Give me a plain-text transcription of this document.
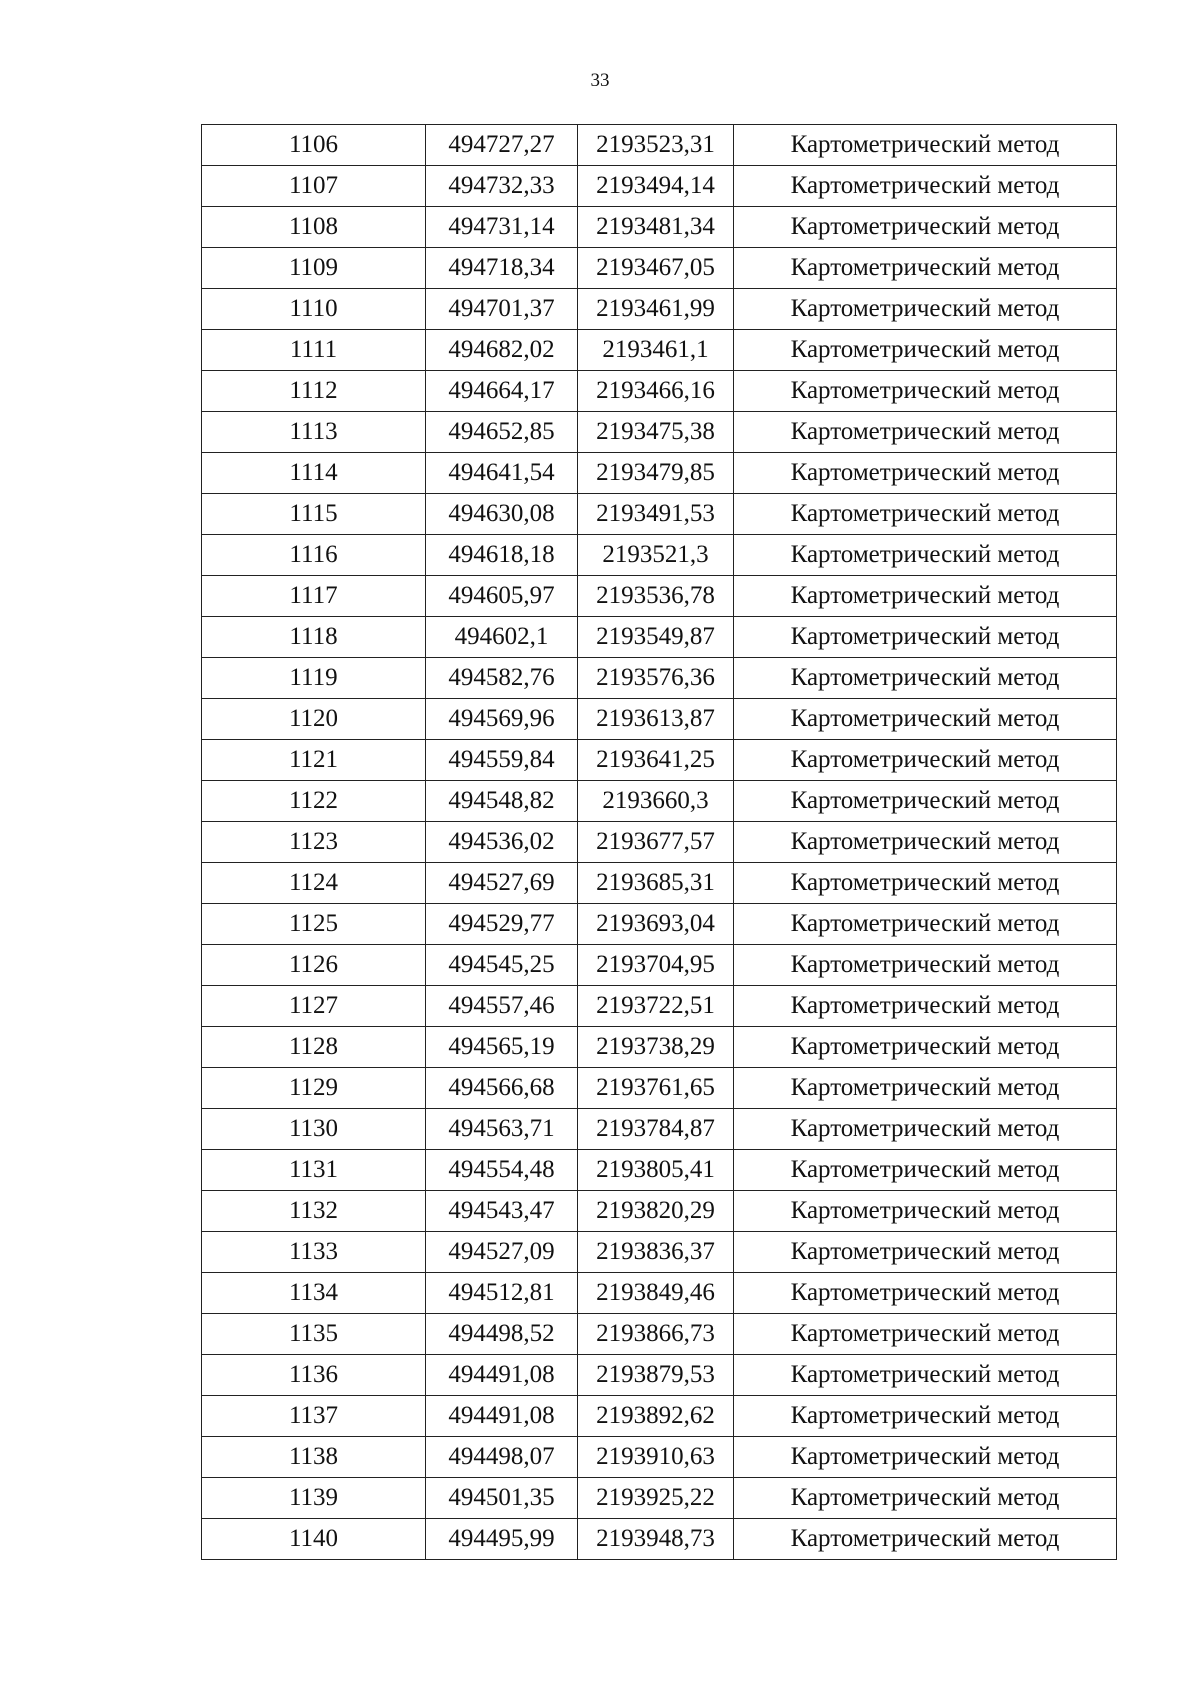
33
1106	494727,27	2193523,31	Картометрический метод
1107	494732,33	2193494,14	Картометрический метод
1108	494731,14	2193481,34	Картометрический метод
1109	494718,34	2193467,05	Картометрический метод
1110	494701,37	2193461,99	Картометрический метод
1111	494682,02	2193461,1	Картометрический метод
1112	494664,17	2193466,16	Картометрический метод
1113	494652,85	2193475,38	Картометрический метод
1114	494641,54	2193479,85	Картометрический метод
1115	494630,08	2193491,53	Картометрический метод
1116	494618,18	2193521,3	Картометрический метод
1117	494605,97	2193536,78	Картометрический метод
1118	494602,1	2193549,87	Картометрический метод
1119	494582,76	2193576,36	Картометрический метод
1120	494569,96	2193613,87	Картометрический метод
1121	494559,84	2193641,25	Картометрический метод
1122	494548,82	2193660,3	Картометрический метод
1123	494536,02	2193677,57	Картометрический метод
1124	494527,69	2193685,31	Картометрический метод
1125	494529,77	2193693,04	Картометрический метод
1126	494545,25	2193704,95	Картометрический метод
1127	494557,46	2193722,51	Картометрический метод
1128	494565,19	2193738,29	Картометрический метод
1129	494566,68	2193761,65	Картометрический метод
1130	494563,71	2193784,87	Картометрический метод
1131	494554,48	2193805,41	Картометрический метод
1132	494543,47	2193820,29	Картометрический метод
1133	494527,09	2193836,37	Картометрический метод
1134	494512,81	2193849,46	Картометрический метод
1135	494498,52	2193866,73	Картометрический метод
1136	494491,08	2193879,53	Картометрический метод
1137	494491,08	2193892,62	Картометрический метод
1138	494498,07	2193910,63	Картометрический метод
1139	494501,35	2193925,22	Картометрический метод
1140	494495,99	2193948,73	Картометрический метод
